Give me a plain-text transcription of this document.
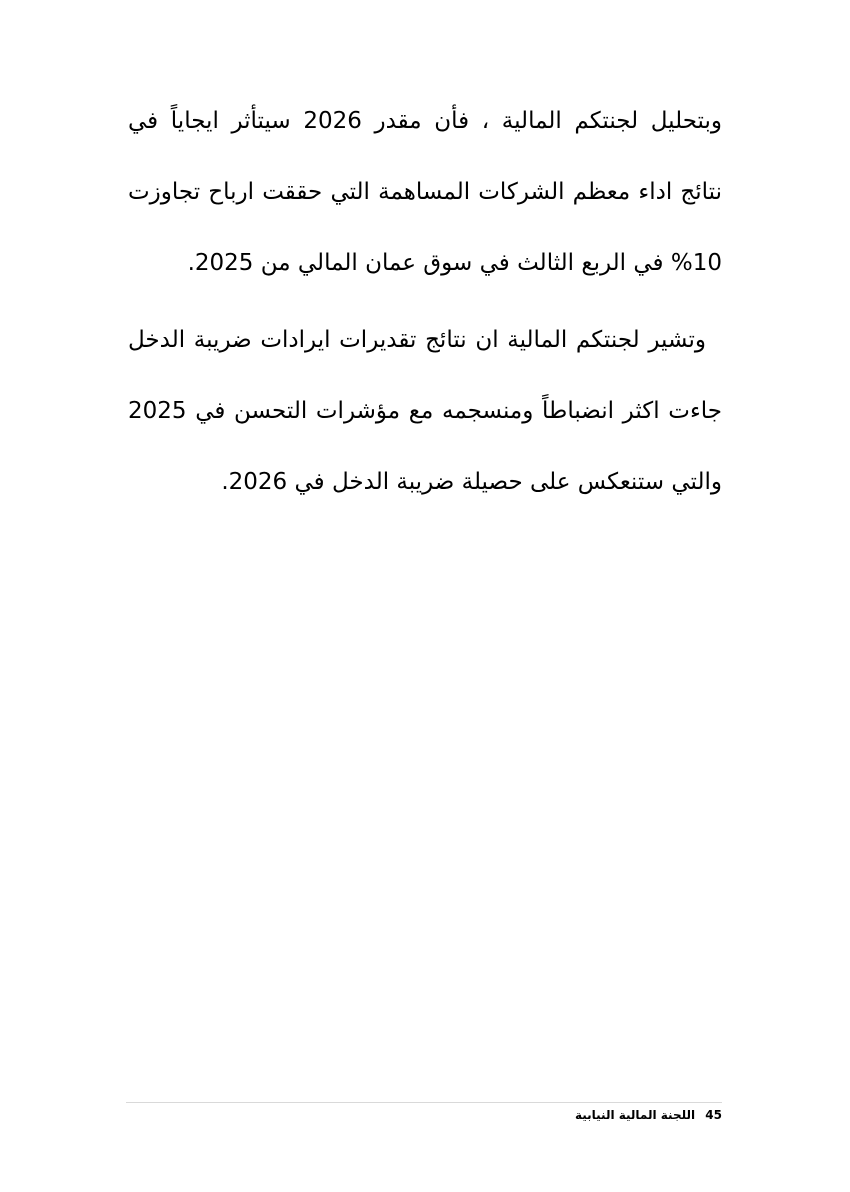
وبتحليل لجنتكم المالية ، فأن مقدر 2026 سيتأثر ايجاياً في نتائج اداء معظم الشركات المساهمة التي حققت ارباح تجاوزت 10% في الربع الثالث في سوق عمان المالي من 2025.

وتشير لجنتكم المالية ان نتائج تقديرات ايرادات ضريبة الدخل جاءت اكثر انضباطاً ومنسجمه مع مؤشرات التحسن في 2025 والتي ستنعكس على حصيلة ضريبة الدخل في 2026.

45 اللجنة المالية النيابية
